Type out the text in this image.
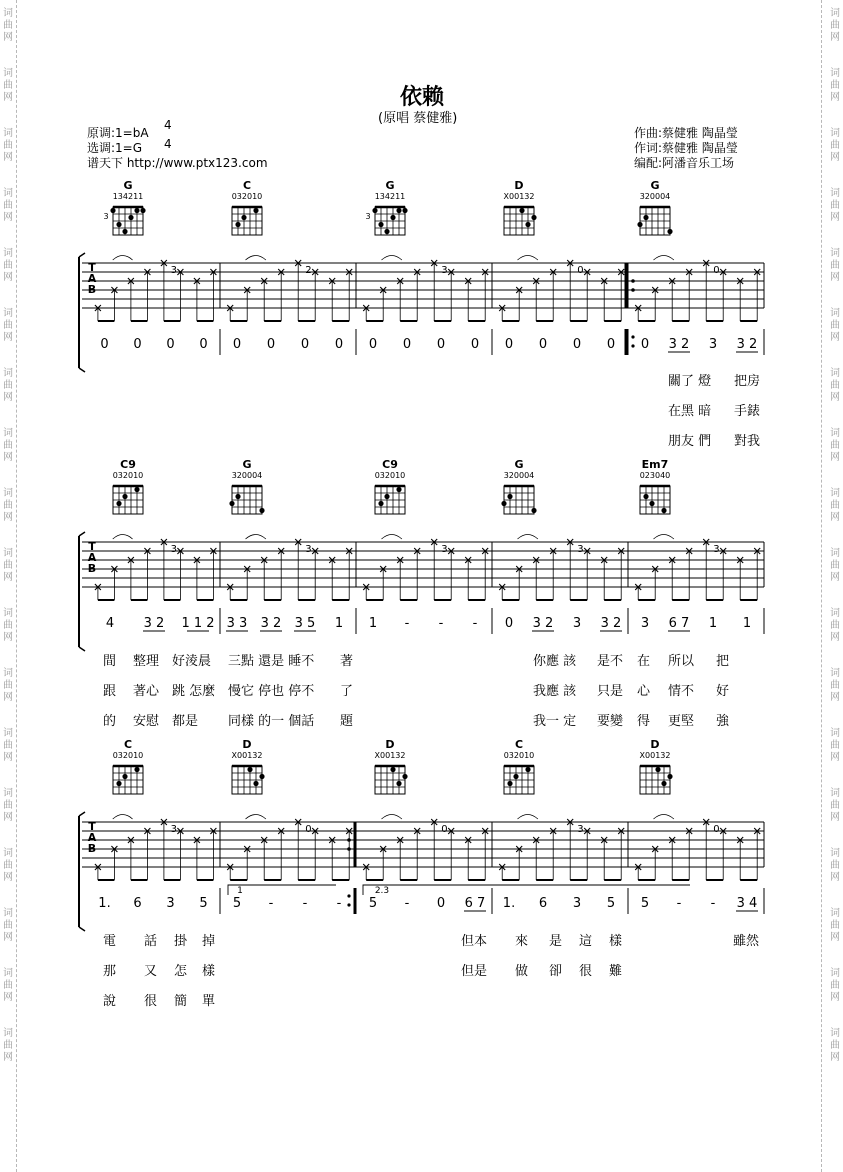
词
曲
网
词
曲
网
词
曲
网
词
曲
网
词
曲
网
词
曲
网
词
曲
网
词
曲
网
词
曲
网
词
曲
网
词
曲
网
词
曲
网
词
曲
网
词
曲
网
词
曲
网
词
曲
网
词
曲
网
词
曲
网
词
曲
网
词
曲
网
词
曲
网
词
曲
网
词
曲
网
词
曲
网
词
曲
网
词
曲
网
词
曲
网
词
曲
网
词
曲
网
词
曲
网
词
曲
网
词
曲
网
词
曲
网
词
曲
网
词
曲
网
词
曲
网
依赖
(原唱 蔡健雅)
原调:1=bA
选调:1=G
谱天下 http://www.ptx123.com
4
4
作曲:蔡健雅 陶晶瑩
作词:蔡健雅 陶晶瑩
编配:阿潘音乐工场
G
134211
3
C
032010
G
134211
3
D
X00132
G
320004
T
A
B
3	2	3	0	0
0 0 0 0 0 0 0 0 0 0 0 0 0 0 0 0 0 3 2 3 3 2
C9
032010
G
320004
C9
032010
G
320004
Em7
023040
T
A
B
3	3	3	3	3
4 3 2 1 1 2 3 3 3 2 3 5 1 1 - - - 0 3 2 3 3 2 3 6 7 1 1
C
032010
D
X00132
D
X00132
C
032010
D
X00132
T
A
B
1	2.3
3	0	0	3	0
1. 6 3 5 5 - - - 5 - 0 6 7 1. 6 3 5 5 - - 3 4
關了 燈 把房
在黑 暗 手錶
朋友 們 對我
間 整理 好淩晨 三點 還是 睡不 著	你應 該 是不 在 所以 把
跟 著心 跳 怎麼 慢它 停也 停不 了	我應 該 只是 心 情不 好
的 安慰 都是 同樣 的一 個話 題	我一 定 要變 得 更堅 強
電 話 掛 掉	但本 來 是 這 樣	雖然
那 又 怎 樣	但是 做 卻 很 難
說 很 簡 單
